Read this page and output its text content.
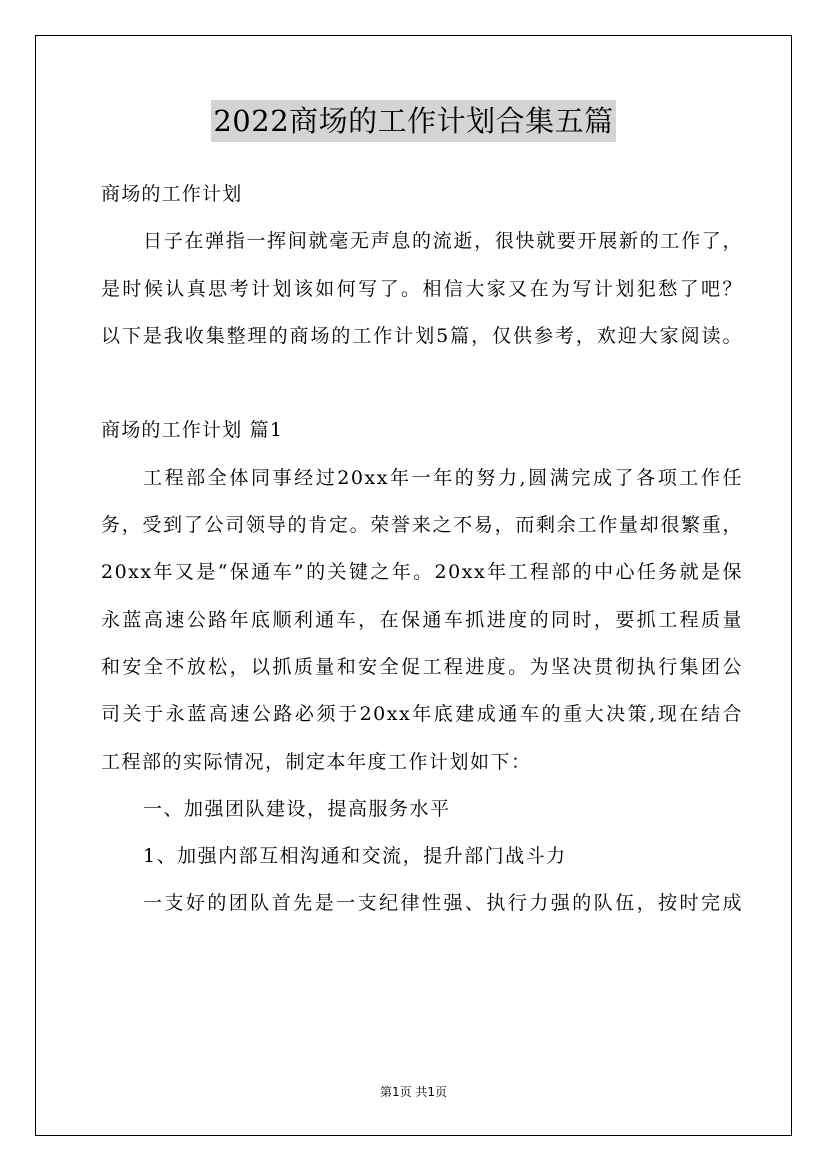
2022商场的工作计划合集五篇

商场的工作计划

日子在弹指一挥间就毫无声息的流逝，很快就要开展新的工作了，

是时候认真思考计划该如何写了。相信大家又在为写计划犯愁了吧？

以下是我收集整理的商场的工作计划5篇，仅供参考，欢迎大家阅读。

商场的工作计划 篇1

工程部全体同事经过20xx年一年的努力,圆满完成了各项工作任

务，受到了公司领导的肯定。荣誉来之不易，而剩余工作量却很繁重，

20xx年又是“保通车”的关键之年。20xx年工程部的中心任务就是保

永蓝高速公路年底顺利通车，在保通车抓进度的同时，要抓工程质量

和安全不放松，以抓质量和安全促工程进度。为坚决贯彻执行集团公

司关于永蓝高速公路必须于20xx年底建成通车的重大决策,现在结合

工程部的实际情况，制定本年度工作计划如下：

一、加强团队建设，提高服务水平

1、加强内部互相沟通和交流，提升部门战斗力

一支好的团队首先是一支纪律性强、执行力强的队伍，按时完成

第1页 共1页
